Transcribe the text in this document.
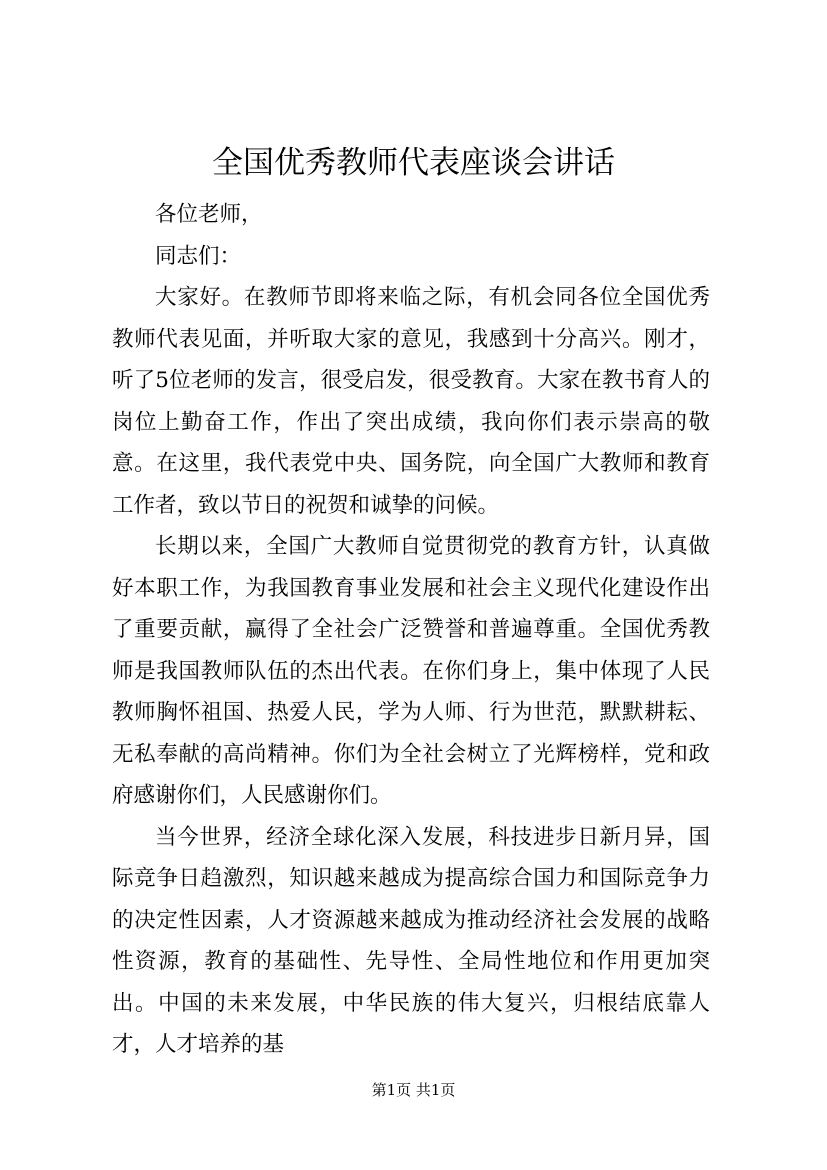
全国优秀教师代表座谈会讲话

各位老师，

同志们：

大家好。在教师节即将来临之际，有机会同各位全国优秀教师代表见面，并听取大家的意见，我感到十分高兴。刚才，听了5位老师的发言，很受启发，很受教育。大家在教书育人的岗位上勤奋工作，作出了突出成绩，我向你们表示崇高的敬意。在这里，我代表党中央、国务院，向全国广大教师和教育工作者，致以节日的祝贺和诚挚的问候。

长期以来，全国广大教师自觉贯彻党的教育方针，认真做好本职工作，为我国教育事业发展和社会主义现代化建设作出了重要贡献，赢得了全社会广泛赞誉和普遍尊重。全国优秀教师是我国教师队伍的杰出代表。在你们身上，集中体现了人民教师胸怀祖国、热爱人民，学为人师、行为世范，默默耕耘、无私奉献的高尚精神。你们为全社会树立了光辉榜样，党和政府感谢你们，人民感谢你们。

当今世界，经济全球化深入发展，科技进步日新月异，国际竞争日趋激烈，知识越来越成为提高综合国力和国际竞争力的决定性因素，人才资源越来越成为推动经济社会发展的战略性资源，教育的基础性、先导性、全局性地位和作用更加突出。中国的未来发展，中华民族的伟大复兴，归根结底靠人才，人才培养的基

第1页 共1页
